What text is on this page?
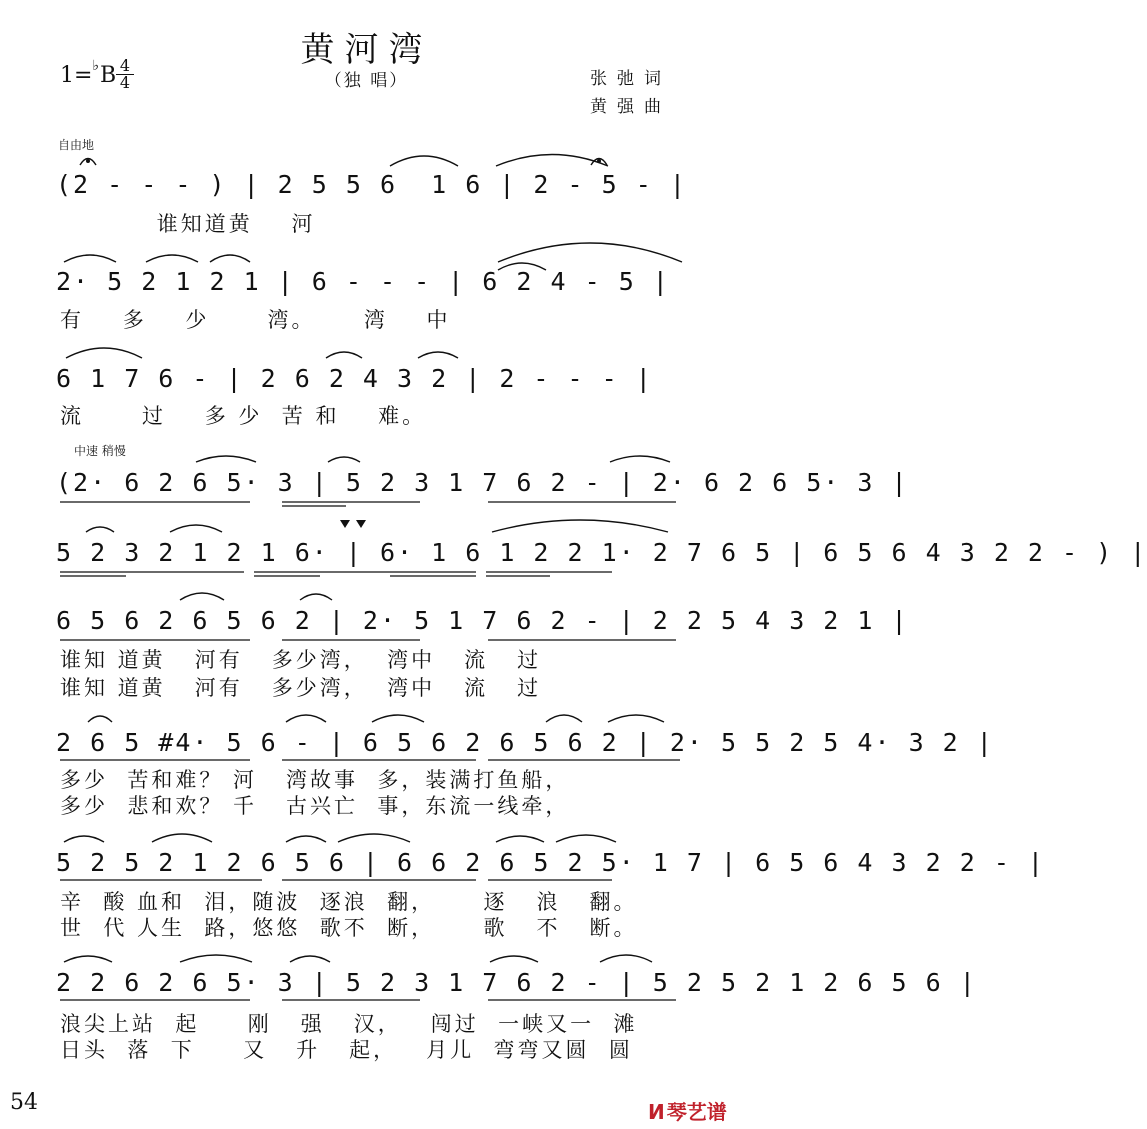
黄河湾
（独 唱）
1=♭B 4
4	张弛词
黄强曲
自由地
中速 稍慢
(2 - - - ) | 2 5 5 6  1 6 | 2 - 5 - |
谁知道黄    河
2· 5 2 1 2 1 | 6 - - - | 6 2 4 - 5 |
有    多    少      湾。     湾    中
6 1 7 6 - | 2 6 2 4 3 2 | 2 - - - |
流      过    多 少  苦 和    难。
(2· 6 2 6 5· 3 | 5 2 3 1 7 6 2 - | 2· 6 2 6 5· 3 |
5 2 3 2 1 2 1 6· | 6· 1 6 1 2 2 1· 2 7 6 5 | 6 5 6 4 3 2 2 - ) |
6 5 6 2 6 5 6 2 | 2· 5 1 7 6 2 - | 2 2 5 4 3 2 1 |
谁知 道黄   河有   多少湾，  湾中   流   过
谁知 道黄   河有   多少湾，  湾中   流   过
2 6 5 #4· 5 6 - | 6 5 6 2 6 5 6 2 | 2· 5 5 2 5 4· 3 2 |
多少  苦和难？ 河   湾故事  多，装满打鱼船，
多少  悲和欢？ 千   古兴亡  事，东流一线牵，
5 2 5 2 1 2 6 5 6 | 6 6 2 6 5 2 5· 1 7 | 6 5 6 4 3 2 2 - |
辛  酸 血和  泪，随波  逐浪  翻，     逐   浪   翻。
世  代 人生  路，悠悠  歌不  断，     歌   不   断。
2 2 6 2 6 5· 3 | 5 2 3 1 7 6 2 - | 5 2 5 2 1 2 6 5 6 |
浪尖上站  起     刚   强   汉，   闯过  一峡又一  滩
日头  落  下     又   升   起，   月儿  弯弯又圆  圆
54	N 琴艺谱
